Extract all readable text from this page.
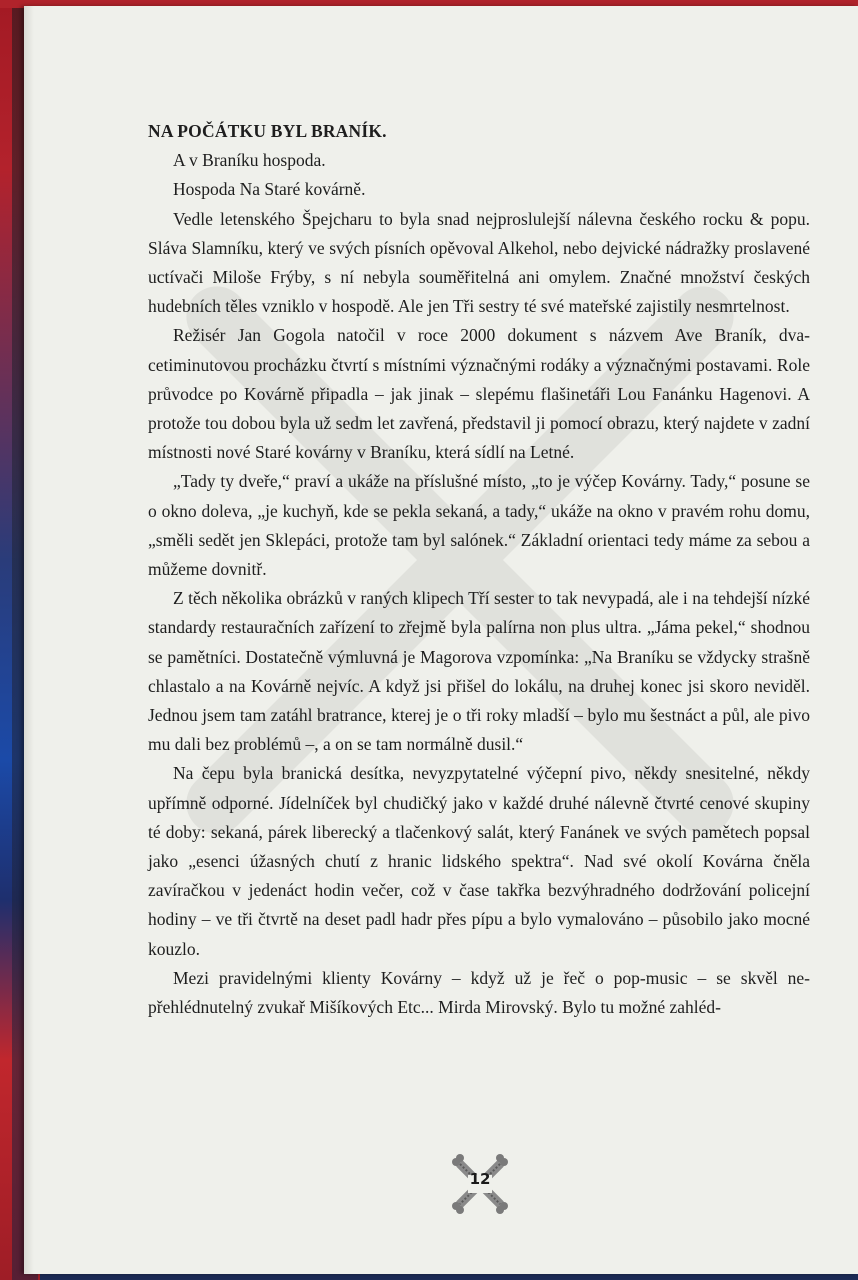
NA POČÁTKU BYL BRANÍK.

A v Braníku hospoda.

Hospoda Na Staré kovárně.

Vedle letenského Špejcharu to byla snad nejproslulejší nálevna českého rocku & popu. Sláva Slamníku, který ve svých písních opěvoval Alkehol, nebo dejvické nádražky proslavené uctívači Miloše Frýby, s ní nebyla souměřitelná ani omylem. Značné množství českých hudebních těles vzniklo v hospodě. Ale jen Tři sestry té své mateřské zajistily nesmrtelnost.

Režisér Jan Gogola natočil v roce 2000 dokument s názvem Ave Braník, dvacetiminutovou procházku čtvrtí s místními význačnými rodáky a význačnými postavami. Role průvodce po Kovárně připadla – jak jinak – slepému flašinetáři Lou Fanánku Hagenovi. A protože tou dobou byla už sedm let zavřená, představil ji pomocí obrazu, který najdete v zadní místnosti nové Staré kovárny v Braníku, která sídlí na Letné.

„Tady ty dveře,“ praví a ukáže na příslušné místo, „to je výčep Kovárny. Tady,“ posune se o okno doleva, „je kuchyň, kde se pekla sekaná, a tady,“ ukáže na okno v pravém rohu domu, „směli sedět jen Sklepáci, protože tam byl salónek.“ Základní orientaci tedy máme za sebou a můžeme dovnitř.

Z těch několika obrázků v raných klipech Tří sester to tak nevypadá, ale i na tehdejší nízké standardy restauračních zařízení to zřejmě byla palírna non plus ultra. „Jáma pekel,“ shodnou se pamětníci. Dostatečně výmluvná je Magorova vzpomínka: „Na Braníku se vždycky strašně chlastalo a na Kovárně nejvíc. A když jsi přišel do lokálu, na druhej konec jsi skoro neviděl. Jednou jsem tam zatáhl bratrance, kterej je o tři roky mladší – bylo mu šestnáct a půl, ale pivo mu dali bez problémů –, a on se tam normálně dusil.“

Na čepu byla branická desítka, nevyzpytatelné výčepní pivo, někdy snesitelné, někdy upřímně odporné. Jídelníček byl chudičký jako v každé druhé nálevně čtvrté cenové skupiny té doby: sekaná, párek liberecký a tlačenkový salát, který Fanánek ve svých pamětech popsal jako „esenci úžasných chutí z hranic lidského spektra“. Nad své okolí Kovárna čněla zavíračkou v jedenáct hodin večer, což v čase takřka bezvýhradného dodržování policejní hodiny – ve tři čtvrtě na deset padl hadr přes pípu a bylo vymalováno – působilo jako mocné kouzlo.

Mezi pravidelnými klienty Kovárny – když už je řeč o pop-music – se skvěl nepřehlédnutelný zvukař Mišíkových Etc... Mirda Mirovský. Bylo tu možné zahléd-

12
